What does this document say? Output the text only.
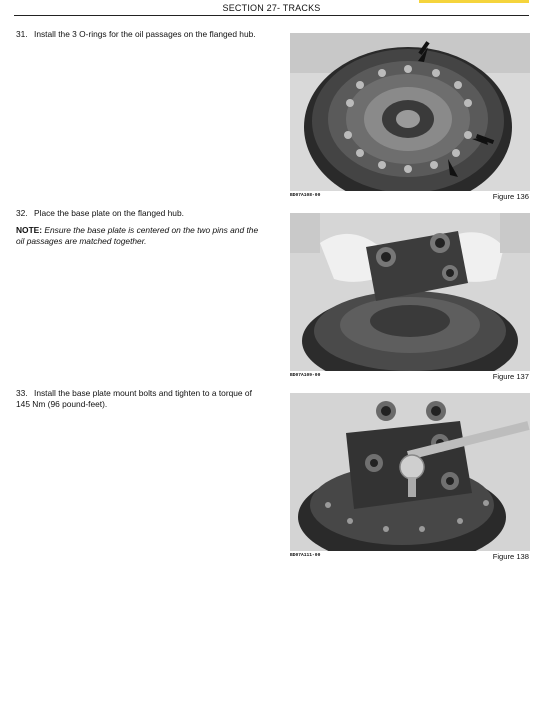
SECTION 27- TRACKS
31. Install the 3 O-rings for the oil passages on the flanged hub.
BD07A108-00	Figure 136
32. Place the base plate on the flanged hub.
NOTE: Ensure the base plate is centered on the two pins and the oil passages are matched together.
BD07A109-00	Figure 137
33. Install the base plate mount bolts and tighten to a torque of 145 Nm (96 pound-feet).
BD07A111-00	Figure 138
